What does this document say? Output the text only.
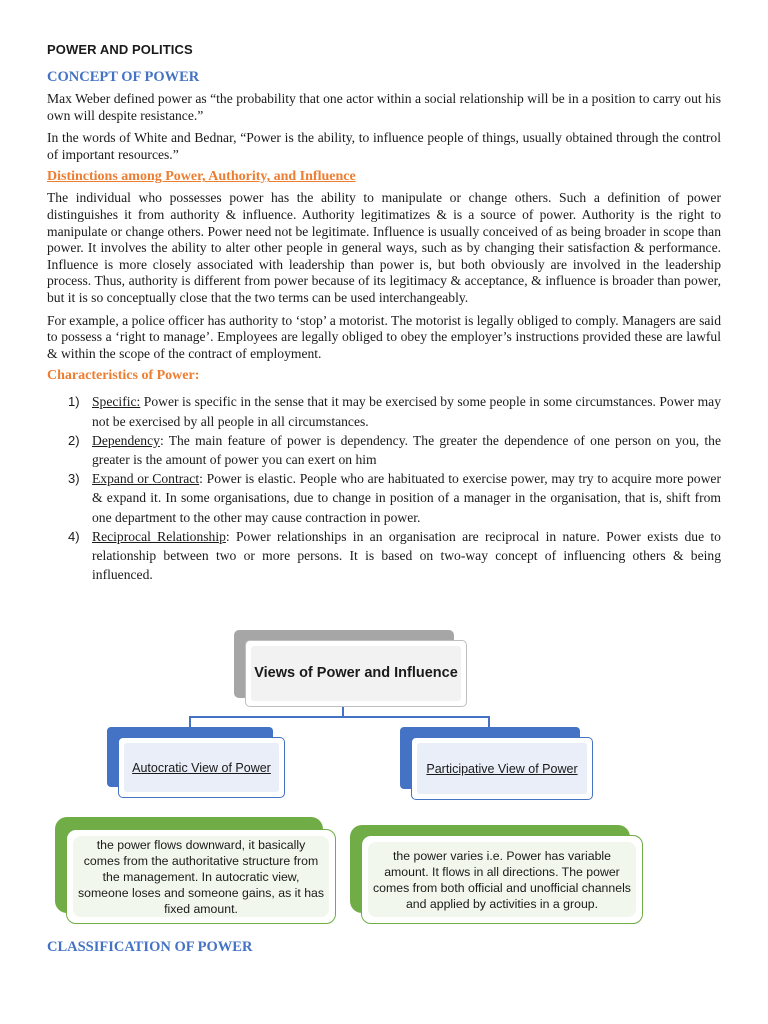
POWER AND POLITICS
CONCEPT OF POWER

Max Weber defined power as “the probability that one actor within a social relationship will be in a position to carry out his own will despite resistance.”

In the words of White and Bednar, “Power is the ability, to influence people of things, usually obtained through the control of important resources.”

Distinctions among Power, Authority, and Influence

The individual who possesses power has the ability to manipulate or change others. Such a definition of power distinguishes it from authority & influence. Authority legitimatizes & is a source of power. Authority is the right to manipulate or change others. Power need not be legitimate. Influence is usually conceived of as being broader in scope than power. It involves the ability to alter other people in general ways, such as by changing their satisfaction & performance. Influence is more closely associated with leadership than power is, but both obviously are involved in the leadership process. Thus, authority is different from power because of its legitimacy & acceptance, & influence is broader than power, but it is so conceptually close that the two terms can be used interchangeably.

For example, a police officer has authority to ‘stop’ a motorist. The motorist is legally obliged to comply. Managers are said to possess a ‘right to manage’. Employees are legally obliged to obey the employer’s instructions provided these are lawful & within the scope of the contract of employment.

Characteristics of Power:
1) Specific: Power is specific in the sense that it may be exercised by some people in some circumstances. Power may not be exercised by all people in all circumstances.
2) Dependency: The main feature of power is dependency. The greater the dependence of one person on you, the greater is the amount of power you can exert on him
3) Expand or Contract: Power is elastic. People who are habituated to exercise power, may try to acquire more power & expand it. In some organisations, due to change in position of a manager in the organisation, that is, shift from one department to the other may cause contraction in power.
4) Reciprocal Relationship: Power relationships in an organisation are reciprocal in nature. Power exists due to relationship between two or more persons. It is based on two-way concept of influencing others & being influenced.
Views of Power and Influence
Autocratic View of Power	Participative View of Power
the power flows downward, it basically comes from the authoritative structure from the management. In autocratic view, someone loses and someone gains, as it has fixed amount.
the power varies i.e. Power has variable amount. It flows in all directions. The power comes from both official and unofficial channels and applied by activities in a group.
CLASSIFICATION OF POWER
